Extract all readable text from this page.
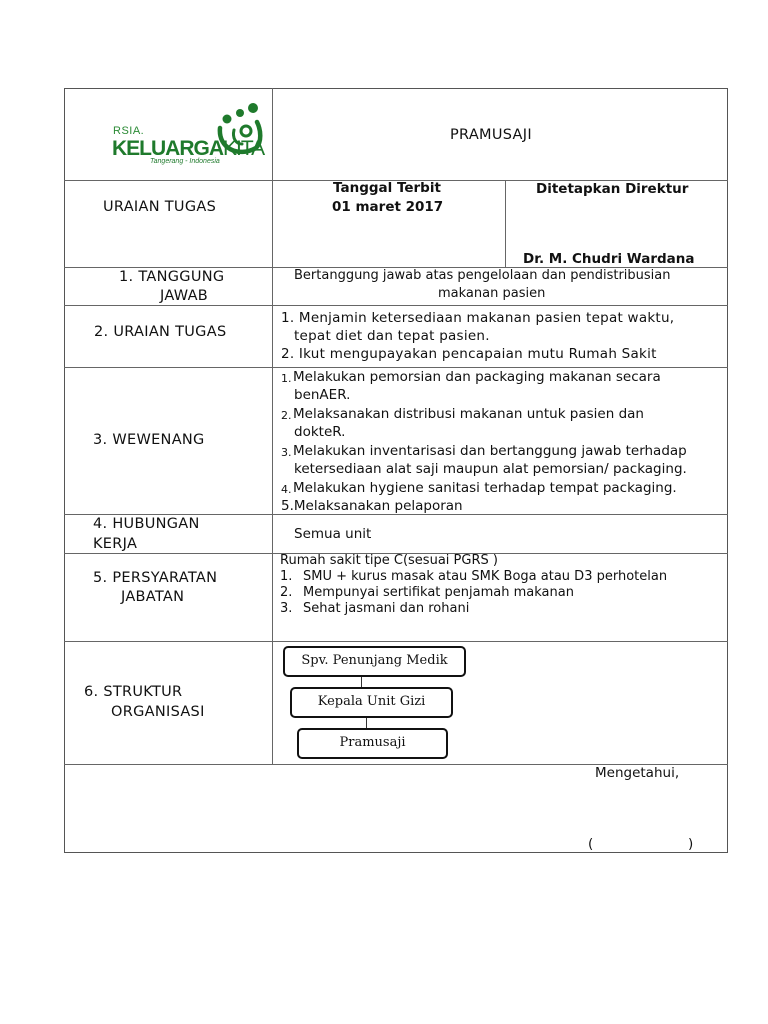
RSIA.
KELUARGAKITA
Tangerang - Indonesia
PRAMUSAJI
URAIAN TUGAS
Tanggal Terbit
01 maret 2017
Ditetapkan Direktur
Dr. M. Chudri Wardana
1. TANGGUNG
JAWAB
Bertanggung jawab atas pengelolaan dan pendistribusian
makanan pasien
2. URAIAN TUGAS
1. Menjamin ketersediaan makanan pasien tepat waktu,
tepat diet dan tepat pasien.
2. Ikut mengupayakan pencapaian mutu Rumah Sakit
3. WEWENANG
1. Melakukan pemorsian dan packaging makanan secara
benAER.
2. Melaksanakan distribusi makanan untuk pasien dan
dokteR.
3. Melakukan inventarisasi dan bertanggung jawab terhadap
ketersediaan alat saji maupun alat pemorsian/ packaging.
4. Melakukan hygiene sanitasi terhadap tempat packaging.
5.Melaksanakan pelaporan
4. HUBUNGAN
KERJA
Semua unit
5. PERSYARATAN
JABATAN
Rumah sakit tipe C(sesuai PGRS )
1. SMU + kurus masak atau SMK Boga atau D3 perhotelan
2. Mempunyai sertifikat penjamah makanan
3. Sehat jasmani dan rohani
6. STRUKTUR
ORGANISASI
Spv. Penunjang Medik
Kepala Unit Gizi
Pramusaji
Mengetahui,
(	)
